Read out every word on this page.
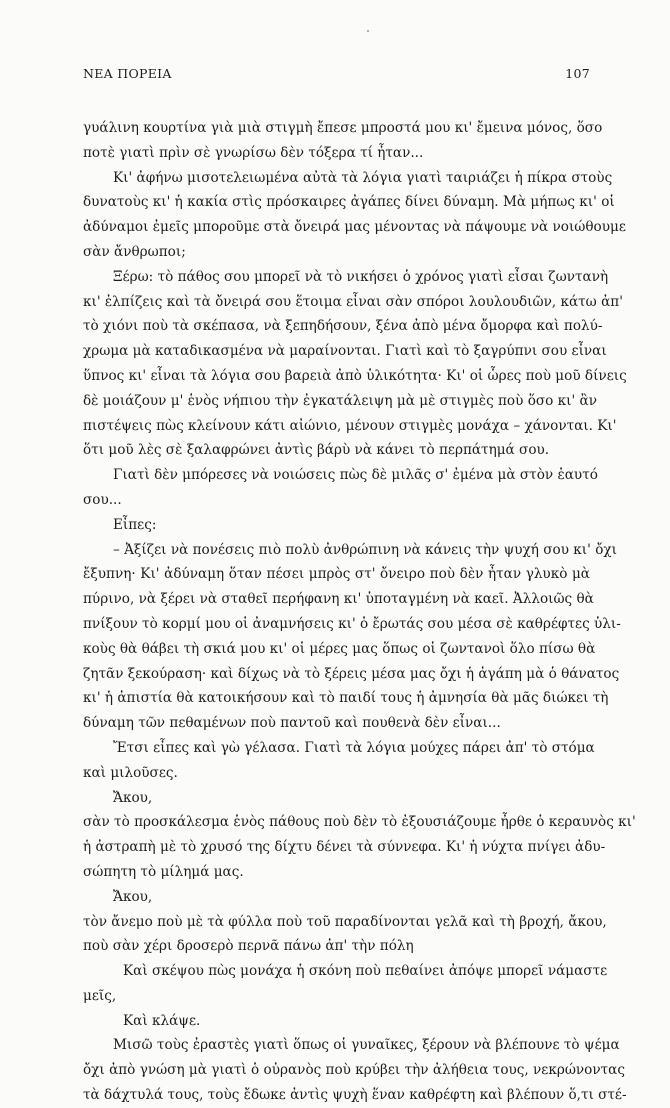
ΝΕΑ ΠΟΡΕΙΑ	107
γυάλινη κουρτίνα γιὰ μιὰ στιγμὴ ἔπεσε μπροστά μου κι' ἔμεινα μόνος, ὅσο
ποτὲ γιατὶ πρὶν σὲ γνωρίσω δὲν τόξερα τί ἦταν...
Κι' ἀφήνω μισοτελειωμένα αὐτὰ τὰ λόγια γιατὶ ταιριάζει ἡ πίκρα στοὺς
δυνατοὺς κι' ἡ κακία στὶς πρόσκαιρες ἀγάπες δίνει δύναμη. Μὰ μήπως κι' οἱ
ἀδύναμοι ἐμεῖς μποροῦμε στὰ ὄνειρά μας μένοντας νὰ πάψουμε νὰ νοιώθουμε
σὰν ἄνθρωποι;
Ξέρω: τὸ πάθος σου μπορεῖ νὰ τὸ νικήσει ὁ χρόνος γιατὶ εἶσαι ζωντανὴ
κι' ἐλπίζεις καὶ τὰ ὄνειρά σου ἕτοιμα εἶναι σὰν σπόροι λουλουδιῶν, κάτω ἀπ'
τὸ χιόνι ποὺ τὰ σκέπασα, νὰ ξεπηδήσουν, ξένα ἀπὸ μένα ὄμορφα καὶ πολύ-
χρωμα μὰ καταδικασμένα νὰ μαραίνονται. Γιατὶ καὶ τὸ ξαγρύπνι σου εἶναι
ὕπνος κι' εἶναι τὰ λόγια σου βαρειὰ ἀπὸ ὑλικότητα· Κι' οἱ ὧρες ποὺ μοῦ δίνεις
δὲ μοιάζουν μ' ἑνὸς νήπιου τὴν ἐγκατάλειψη μὰ μὲ στιγμὲς ποὺ ὅσο κι' ἂν
πιστέψεις πὼς κλείνουν κάτι αἰώνιο, μένουν στιγμὲς μονάχα – χάνονται. Κι'
ὅτι μοῦ λὲς σὲ ξαλαφρώνει ἀντὶς βάρὺ νὰ κάνει τὸ περπάτημά σου.
Γιατὶ δὲν μπόρεσες νὰ νοιώσεις πὼς δὲ μιλᾶς σ' ἐμένα μὰ στὸν ἑαυτό
σου...
Εἶπες:
– Ἀξίζει νὰ πονέσεις πιὸ πολὺ ἀνθρώπινη νὰ κάνεις τὴν ψυχή σου κι' ὄχι
ἔξυπνη· Κι' ἀδύναμη ὅταν πέσει μπρὸς στ' ὄνειρο ποὺ δὲν ἦταν γλυκὸ μὰ
πύρινο, νὰ ξέρει νὰ σταθεῖ περήφανη κι' ὑποταγμένη νὰ καεῖ. Ἀλλοιῶς θὰ
πνίξουν τὸ κορμί μου οἱ ἀναμνήσεις κι' ὁ ἔρωτάς σου μέσα σὲ καθρέφτες ὑλι-
κοὺς θὰ θάβει τὴ σκιά μου κι' οἱ μέρες μας ὅπως οἱ ζωντανοὶ ὅλο πίσω θὰ
ζητᾶν ξεκούραση· καὶ δίχως νὰ τὸ ξέρεις μέσα μας ὄχι ἡ ἀγάπη μὰ ὁ θάνατος
κι' ἡ ἀπιστία θὰ κατοικήσουν καὶ τὸ παιδί τους ἡ ἀμνησία θὰ μᾶς διώκει τὴ
δύναμη τῶν πεθαμένων ποὺ παντοῦ καὶ πουθενὰ δὲν εἶναι...
Ἔτσι εἶπες καὶ γὼ γέλασα. Γιατὶ τὰ λόγια μούχες πάρει ἀπ' τὸ στόμα
καὶ μιλοῦσες.
Ἄκου,
σὰν τὸ προσκάλεσμα ἑνὸς πάθους ποὺ δὲν τὸ ἐξουσιάζουμε ἦρθε ὁ κεραυνὸς κι'
ἡ ἀστραπὴ μὲ τὸ χρυσό της δίχτυ δένει τὰ σύννεφα. Κι' ἡ νύχτα πνίγει ἀδυ-
σώπητη τὸ μίλημά μας.
Ἄκου,
τὸν ἄνεμο ποὺ μὲ τὰ φύλλα ποὺ τοῦ παραδίνονται γελᾶ καὶ τὴ βροχή, ἄκου,
ποὺ σὰν χέρι δροσερὸ περνᾶ πάνω ἀπ' τὴν πόλη
Καὶ σκέψου πὼς μονάχα ἡ σκόνη ποὺ πεθαίνει ἀπόψε μπορεῖ νάμαστε
μεῖς,
Καὶ κλάψε.
Μισῶ τοὺς ἐραστὲς γιατὶ ὅπως οἱ γυναῖκες, ξέρουν νὰ βλέπουνε τὸ ψέμα
ὄχι ἀπὸ γνώση μὰ γιατὶ ὁ οὐρανὸς ποὺ κρύβει τὴν ἀλήθεια τους, νεκρώνοντας
τὰ δάχτυλά τους, τοὺς ἔδωκε ἀντὶς ψυχὴ ἕναν καθρέφτη καὶ βλέπουν ὅ,τι στέ-
